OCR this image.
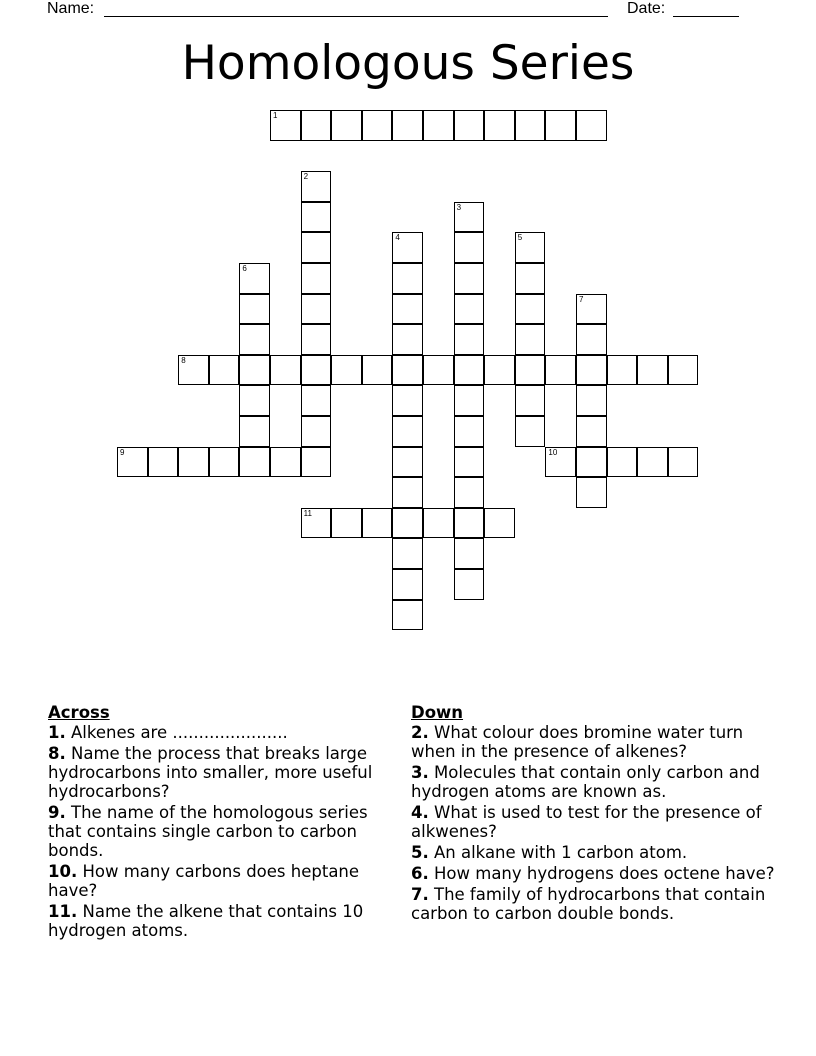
Name:	Date:
Homologous Series
1
2
3
4	5
6
7
8
9	10
11
Across
1. Alkenes are ......................
8. Name the process that breaks large hydrocarbons into smaller, more useful hydrocarbons?
9. The name of the homologous series that contains single carbon to carbon bonds.
10. How many carbons does heptane have?
11. Name the alkene that contains 10 hydrogen atoms.
Down
2. What colour does bromine water turn when in the presence of alkenes?
3. Molecules that contain only carbon and hydrogen atoms are known as.
4. What is used to test for the presence of alkwenes?
5. An alkane with 1 carbon atom.
6. How many hydrogens does octene have?
7. The family of hydrocarbons that contain carbon to carbon double bonds.
